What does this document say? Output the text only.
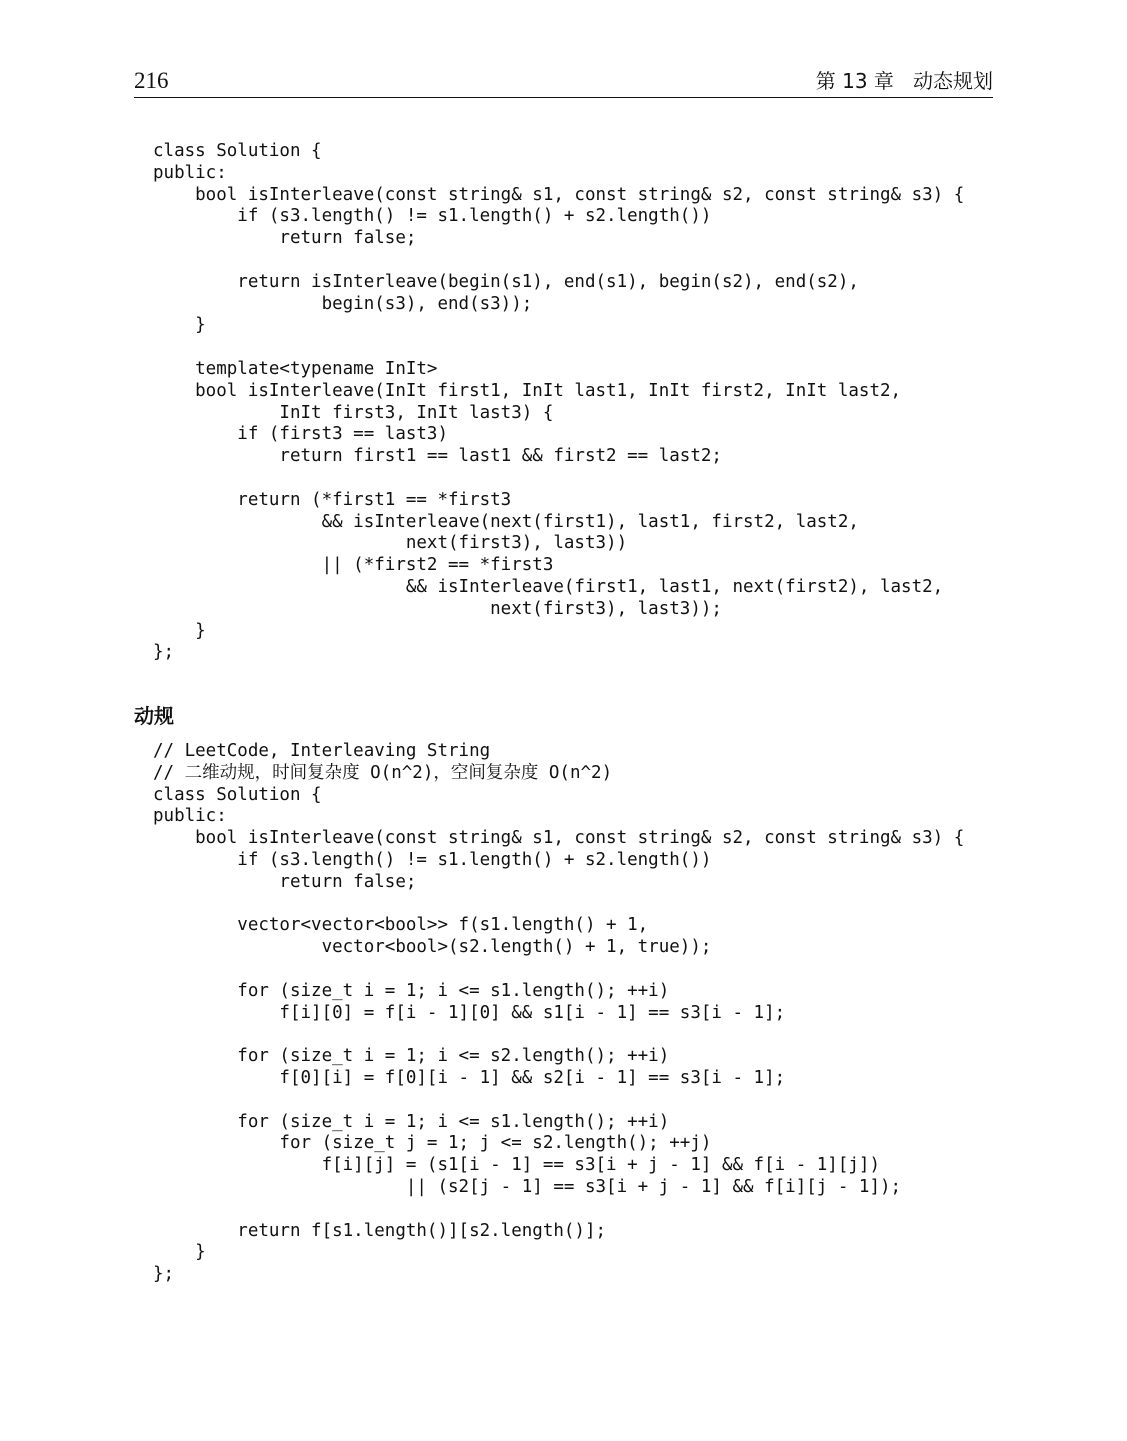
216	第 13 章   动态规划
class Solution {
public:
bool isInterleave(const string& s1, const string& s2, const string& s3) {
if (s3.length() != s1.length() + s2.length())
return false;
return isInterleave(begin(s1), end(s1), begin(s2), end(s2),
begin(s3), end(s3));
}
template<typename InIt>
bool isInterleave(InIt first1, InIt last1, InIt first2, InIt last2,
InIt first3, InIt last3) {
if (first3 == last3)
return first1 == last1 && first2 == last2;
return (*first1 == *first3
&& isInterleave(next(first1), last1, first2, last2,
next(first3), last3))
|| (*first2 == *first3
&& isInterleave(first1, last1, next(first2), last2,
next(first3), last3));
}
};
动规
// LeetCode, Interleaving String
// 二维动规，时间复杂度 O(n^2)，空间复杂度 O(n^2)
class Solution {
public:
bool isInterleave(const string& s1, const string& s2, const string& s3) {
if (s3.length() != s1.length() + s2.length())
return false;
vector<vector<bool>> f(s1.length() + 1,
vector<bool>(s2.length() + 1, true));
for (size_t i = 1; i <= s1.length(); ++i)
f[i][0] = f[i - 1][0] && s1[i - 1] == s3[i - 1];
for (size_t i = 1; i <= s2.length(); ++i)
f[0][i] = f[0][i - 1] && s2[i - 1] == s3[i - 1];
for (size_t i = 1; i <= s1.length(); ++i)
for (size_t j = 1; j <= s2.length(); ++j)
f[i][j] = (s1[i - 1] == s3[i + j - 1] && f[i - 1][j])
|| (s2[j - 1] == s3[i + j - 1] && f[i][j - 1]);
return f[s1.length()][s2.length()];
}
};
